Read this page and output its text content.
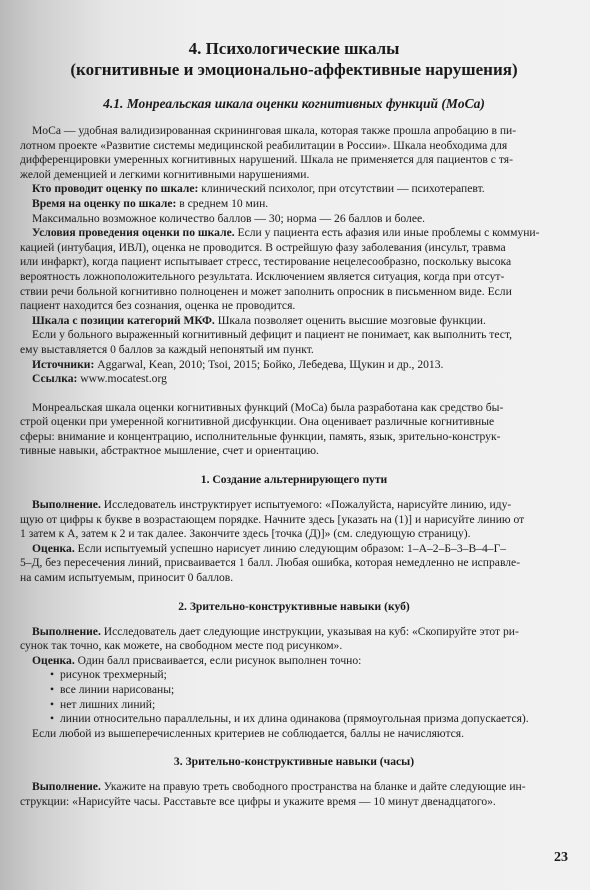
4. Психологические шкалы

(когнитивные и эмоционально-аффективные нарушения)

4.1. Монреальская шкала оценки когнитивных функций (MoCa)

MoCa — удобная валидизированная скрининговая шкала, которая также прошла апробацию в пи-

лотном проекте «Развитие системы медицинской реабилитации в России». Шкала необходима для

дифференцировки умеренных когнитивных нарушений. Шкала не применяется для пациентов с тя-

желой деменцией и легкими когнитивными нарушениями.

Кто проводит оценку по шкале: клинический психолог, при отсутствии — психотерапевт.

Время на оценку по шкале: в среднем 10 мин.

Максимально возможное количество баллов — 30; норма — 26 баллов и более.

Условия проведения оценки по шкале. Если у пациента есть афазия или иные проблемы с коммуни-

кацией (интубация, ИВЛ), оценка не проводится. В острейшую фазу заболевания (инсульт, травма

или инфаркт), когда пациент испытывает стресс, тестирование нецелесообразно, поскольку высока

вероятность ложноположительного результата. Исключением является ситуация, когда при отсут-

ствии речи больной когнитивно полноценен и может заполнить опросник в письменном виде. Если

пациент находится без сознания, оценка не проводится.

Шкала с позиции категорий МКФ. Шкала позволяет оценить высшие мозговые функции.

Если у больного выраженный когнитивный дефицит и пациент не понимает, как выполнить тест,

ему выставляется 0 баллов за каждый непонятый им пункт.

Источники: Aggarwal, Kean, 2010; Tsoi, 2015; Бойко, Лебедева, Щукин и др., 2013.

Ссылка: www.mocatest.org

Монреальская шкала оценки когнитивных функций (MoCa) была разработана как средство бы-

строй оценки при умеренной когнитивной дисфункции. Она оценивает различные когнитивные

сферы: внимание и концентрацию, исполнительные функции, память, язык, зрительно-конструк-

тивные навыки, абстрактное мышление, счет и ориентацию.

1. Создание альтернирующего пути

Выполнение. Исследователь инструктирует испытуемого: «Пожалуйста, нарисуйте линию, иду-

щую от цифры к букве в возрастающем порядке. Начните здесь [указать на (1)] и нарисуйте линию от

1 затем к А, затем к 2 и так далее. Закончите здесь [точка (Д)]» (см. следующую страницу).

Оценка. Если испытуемый успешно нарисует линию следующим образом: 1–А–2–Б–3–В–4–Г–

5–Д, без пересечения линий, присваивается 1 балл. Любая ошибка, которая немедленно не исправле-

на самим испытуемым, приносит 0 баллов.

2. Зрительно-конструктивные навыки (куб)

Выполнение. Исследователь дает следующие инструкции, указывая на куб: «Скопируйте этот ри-

сунок так точно, как можете, на свободном месте под рисунком».

Оценка. Один балл присваивается, если рисунок выполнен точно:

• рисунок трехмерный;

• все линии нарисованы;

• нет лишних линий;

• линии относительно параллельны, и их длина одинакова (прямоугольная призма допускается).

Если любой из вышеперечисленных критериев не соблюдается, баллы не начисляются.

3. Зрительно-конструктивные навыки (часы)

Выполнение. Укажите на правую треть свободного пространства на бланке и дайте следующие ин-

струкции: «Нарисуйте часы. Расставьте все цифры и укажите время — 10 минут двенадцатого».

23
